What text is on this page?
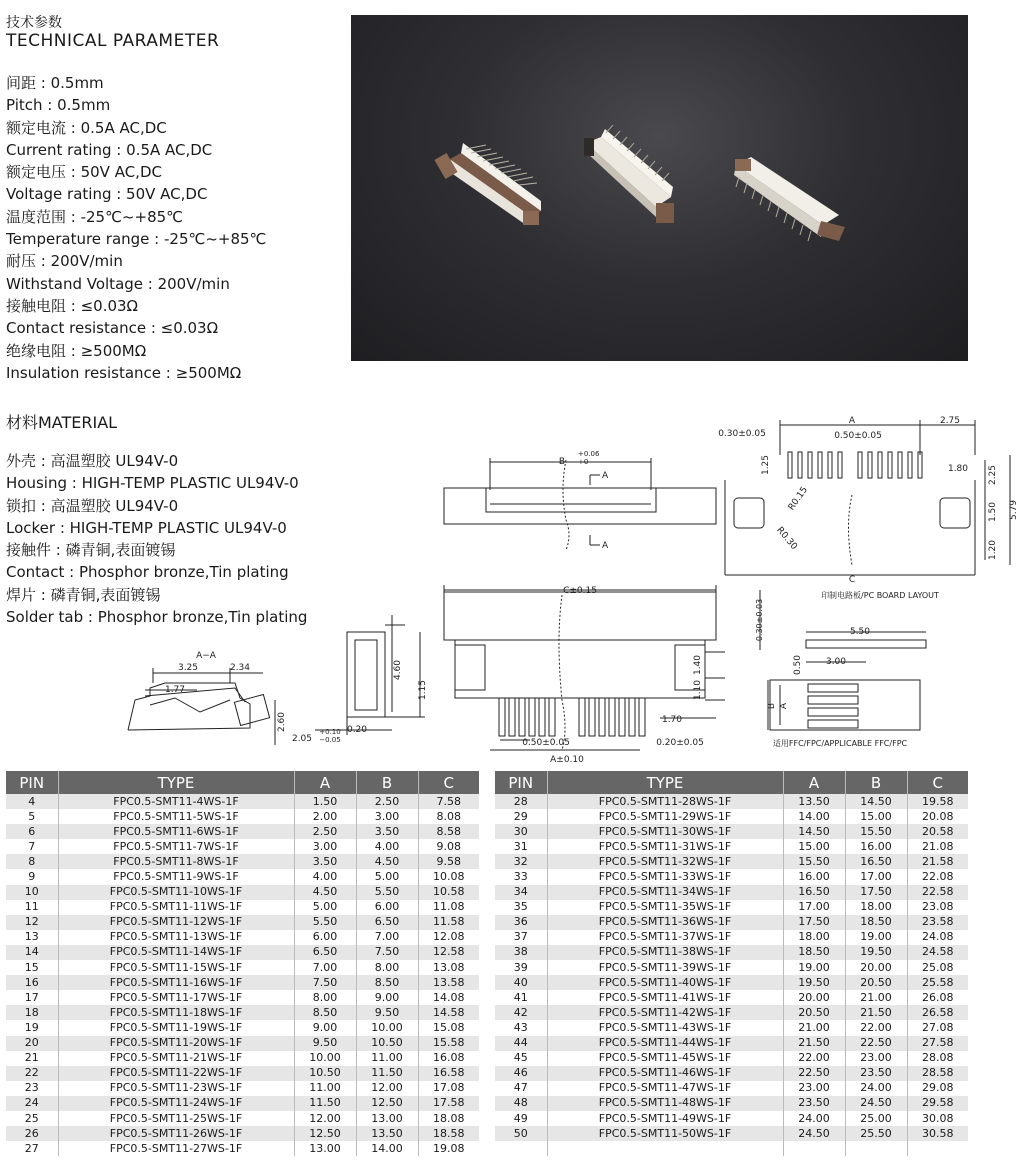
技术参数
TECHNICAL PARAMETER
间距 : 0.5mm
Pitch : 0.5mm
额定电流 : 0.5A AC,DC
Current rating : 0.5A AC,DC
额定电压 : 50V AC,DC
Voltage rating : 50V AC,DC
温度范围 : -25℃~+85℃
Temperature range : -25℃~+85℃
耐压 : 200V/min
Withstand Voltage : 200V/min
接触电阻 : ≤0.03Ω
Contact resistance : ≤0.03Ω
绝缘电阻 : ≥500MΩ
Insulation resistance : ≥500MΩ
材料MATERIAL
外壳 : 高温塑胶 UL94V-0
Housing : HIGH-TEMP PLASTIC UL94V-0
锁扣 : 高温塑胶 UL94V-0
Locker : HIGH-TEMP PLASTIC UL94V-0
接触件 : 磷青铜,表面镀锡
Contact : Phosphor bronze,Tin plating
焊片 : 磷青铜,表面镀锡
Solder tab : Phosphor bronze,Tin plating
A−A
3.25	2.34
1.77
2.60
2.05
+0.10
−0.05
0.20
4.60
1.15
B
+0.06
+0
A
A
C±0.15
1.40
1.10
1.70
0.50±0.05	0.20±0.05
A±0.10
A	2.75
0.30±0.05	0.50±0.05
1.25	1.80 2.25
5.79
R0.15	1.50
R0.30	1.20
C
印制电路板/PC BOARD LAYOUT
0.30±0.03	5.50
0.50	3.00
B A
适用FFC/FPC/APPLICABLE FFC/FPC
PIN	TYPE	A	B	C
4	FPC0.5-SMT11-4WS-1F	1.50	2.50	7.58
5	FPC0.5-SMT11-5WS-1F	2.00	3.00	8.08
6	FPC0.5-SMT11-6WS-1F	2.50	3.50	8.58
7	FPC0.5-SMT11-7WS-1F	3.00	4.00	9.08
8	FPC0.5-SMT11-8WS-1F	3.50	4.50	9.58
9	FPC0.5-SMT11-9WS-1F	4.00	5.00	10.08
10	FPC0.5-SMT11-10WS-1F	4.50	5.50	10.58
11	FPC0.5-SMT11-11WS-1F	5.00	6.00	11.08
12	FPC0.5-SMT11-12WS-1F	5.50	6.50	11.58
13	FPC0.5-SMT11-13WS-1F	6.00	7.00	12.08
14	FPC0.5-SMT11-14WS-1F	6.50	7.50	12.58
15	FPC0.5-SMT11-15WS-1F	7.00	8.00	13.08
16	FPC0.5-SMT11-16WS-1F	7.50	8.50	13.58
17	FPC0.5-SMT11-17WS-1F	8.00	9.00	14.08
18	FPC0.5-SMT11-18WS-1F	8.50	9.50	14.58
19	FPC0.5-SMT11-19WS-1F	9.00	10.00	15.08
20	FPC0.5-SMT11-20WS-1F	9.50	10.50	15.58
21	FPC0.5-SMT11-21WS-1F	10.00	11.00	16.08
22	FPC0.5-SMT11-22WS-1F	10.50	11.50	16.58
23	FPC0.5-SMT11-23WS-1F	11.00	12.00	17.08
24	FPC0.5-SMT11-24WS-1F	11.50	12.50	17.58
25	FPC0.5-SMT11-25WS-1F	12.00	13.00	18.08
26	FPC0.5-SMT11-26WS-1F	12.50	13.50	18.58
27	FPC0.5-SMT11-27WS-1F	13.00	14.00	19.08
PIN	TYPE	A	B	C
28	FPC0.5-SMT11-28WS-1F	13.50	14.50	19.58
29	FPC0.5-SMT11-29WS-1F	14.00	15.00	20.08
30	FPC0.5-SMT11-30WS-1F	14.50	15.50	20.58
31	FPC0.5-SMT11-31WS-1F	15.00	16.00	21.08
32	FPC0.5-SMT11-32WS-1F	15.50	16.50	21.58
33	FPC0.5-SMT11-33WS-1F	16.00	17.00	22.08
34	FPC0.5-SMT11-34WS-1F	16.50	17.50	22.58
35	FPC0.5-SMT11-35WS-1F	17.00	18.00	23.08
36	FPC0.5-SMT11-36WS-1F	17.50	18.50	23.58
37	FPC0.5-SMT11-37WS-1F	18.00	19.00	24.08
38	FPC0.5-SMT11-38WS-1F	18.50	19.50	24.58
39	FPC0.5-SMT11-39WS-1F	19.00	20.00	25.08
40	FPC0.5-SMT11-40WS-1F	19.50	20.50	25.58
41	FPC0.5-SMT11-41WS-1F	20.00	21.00	26.08
42	FPC0.5-SMT11-42WS-1F	20.50	21.50	26.58
43	FPC0.5-SMT11-43WS-1F	21.00	22.00	27.08
44	FPC0.5-SMT11-44WS-1F	21.50	22.50	27.58
45	FPC0.5-SMT11-45WS-1F	22.00	23.00	28.08
46	FPC0.5-SMT11-46WS-1F	22.50	23.50	28.58
47	FPC0.5-SMT11-47WS-1F	23.00	24.00	29.08
48	FPC0.5-SMT11-48WS-1F	23.50	24.50	29.58
49	FPC0.5-SMT11-49WS-1F	24.00	25.00	30.08
50	FPC0.5-SMT11-50WS-1F	24.50	25.50	30.58
